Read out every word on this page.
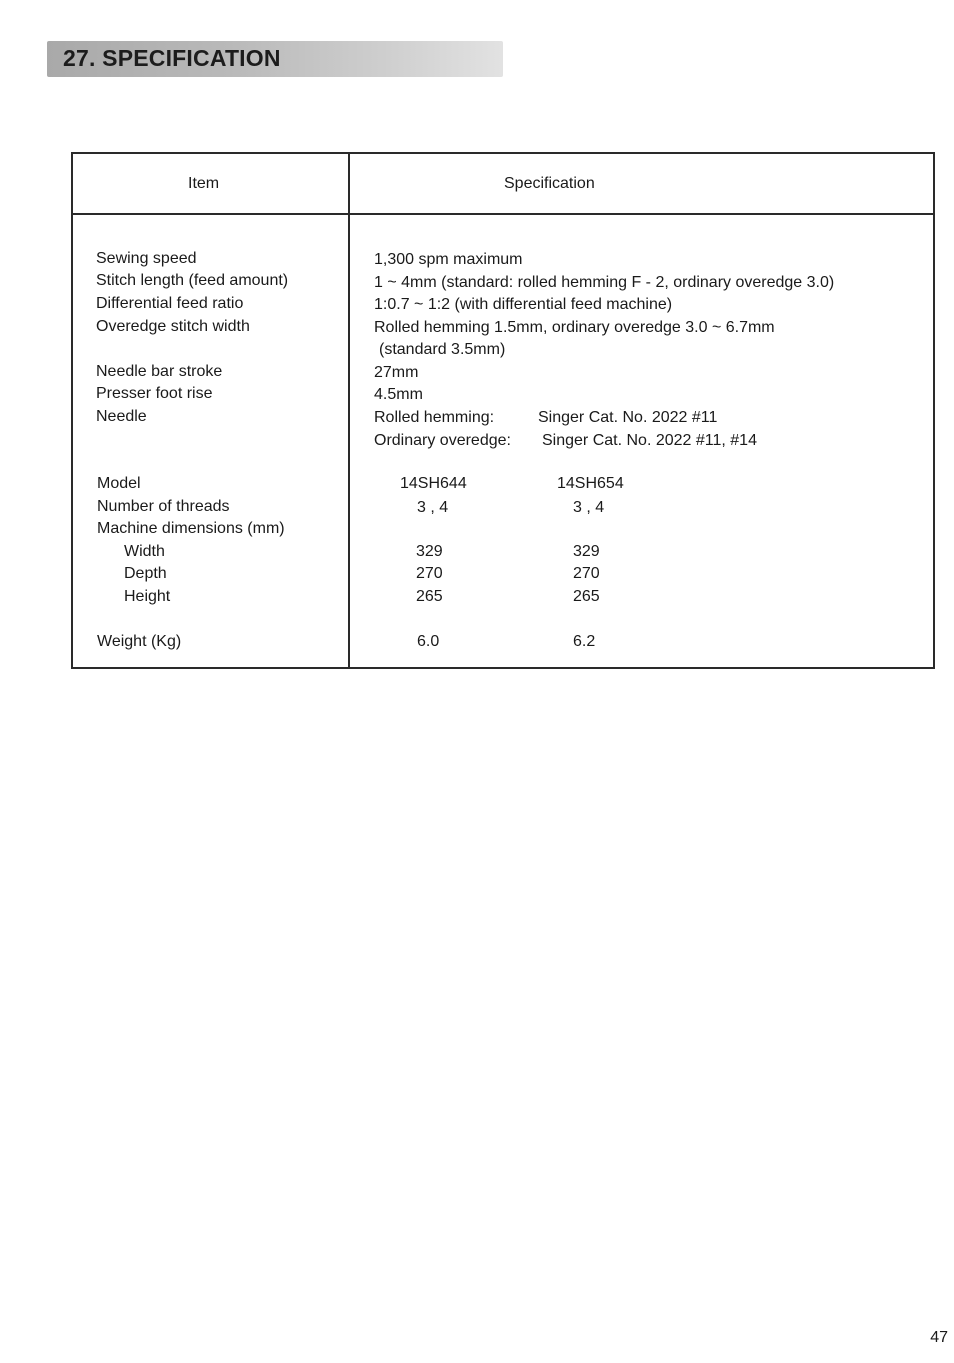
27. SPECIFICATION
Item	Specification
Sewing speed
Stitch length (feed amount)
Differential feed ratio
Overedge stitch width
Needle bar stroke
Presser foot rise
Needle
Model
Number of threads
Machine dimensions (mm)
Width
Depth
Height
Weight (Kg)
1,300 spm maximum
1 ~ 4mm (standard: rolled hemming F - 2, ordinary overedge 3.0)
1:0.7 ~ 1:2 (with differential feed machine)
Rolled hemming 1.5mm, ordinary overedge 3.0 ~ 6.7mm
(standard 3.5mm)
27mm
4.5mm
Rolled hemming:	Singer Cat. No. 2022 #11
Ordinary overedge: Singer Cat. No. 2022 #11, #14
14SH644
3 , 4
329
270
265
6.0
14SH654
3 , 4
329
270
265
6.2
47
